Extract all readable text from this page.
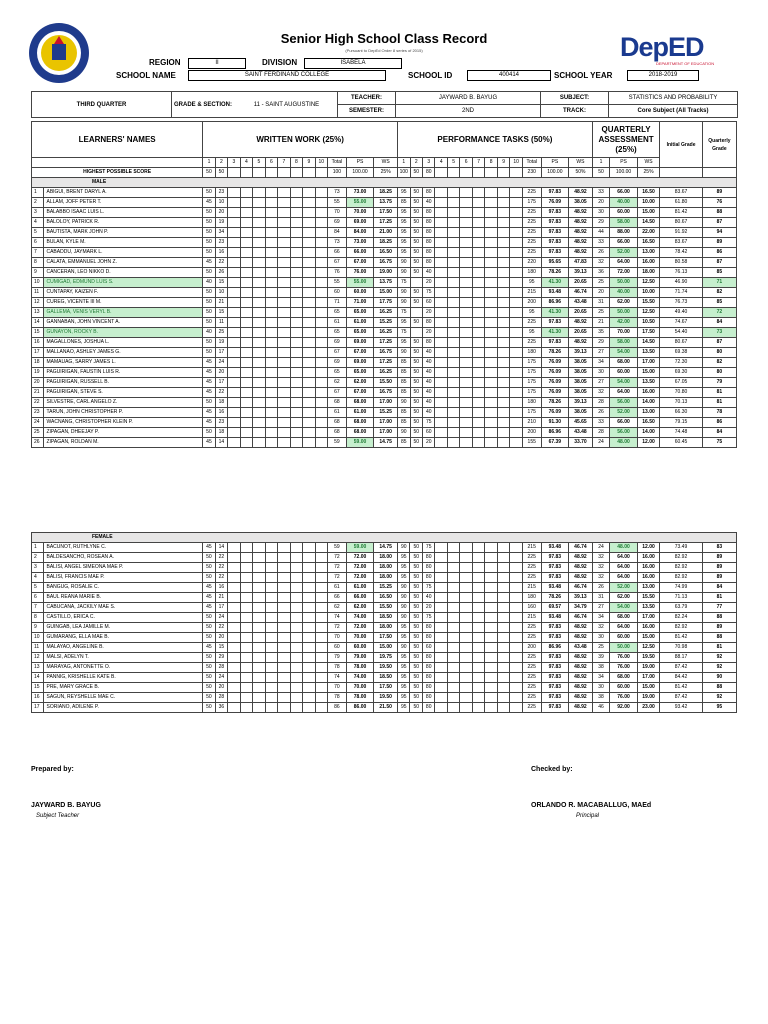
Senior High School Class Record
(Pursuant to DepEd Order 8 series of 2015)	DepED
DEPARTMENT OF EDUCATION
REGION	II	DIVISION	ISABELA
SCHOOL NAME	SAINT FERDINAND COLLEGE	SCHOOL ID	400414	SCHOOL YEAR	2018-2019
THIRD QUARTER	GRADE & SECTION: 11 - SAINT AUGUSTINE	TEACHER:	JAYWARD B. BAYUG	SUBJECT:	STATISTICS AND PROBABILITY
		SEMESTER:	2ND	TRACK:	Core Subject (All Tracks)
LEARNERS' NAMES		WRITTEN WORK (25%)													PERFORMANCE TASKS (50%)													QUARTERLY ASSESSMENT (25%)			Initial Grade	Quarterly Grade
		1	2	3	4	5	6	7	8	9	10	Total	PS	WS	1	2	3	4	5	6	7	8	9	10	Total	PS	WS	1	PS	WS		
HIGHEST POSSIBLE SCORE		50	50									100	100.00	25%	100	50	80								230	100.00	50%	50	100.00	25%		
MALE																																
1	ABIGUI, BRENT DARYL A.	50	23									73	73.00	18.25	95	50	80								225	97.83	48.92	33	66.00	16.50	83.67	89
2	ALLAM, JOFF PETER T.	45	10									55	55.00	13.75	85	50	40								175	76.09	38.05	20	40.00	10.00	61.80	76
3	BALABBO ISAAC LUIS L.	50	20									70	70.00	17.50	95	50	80								225	97.83	48.92	30	60.00	15.00	81.42	88
4	BALOLOY, PATRICK R.	50	19									69	69.00	17.25	95	50	80								225	97.83	48.92	29	58.00	14.50	80.67	87
5	BAUTISTA, MARK JOHN P.	50	34									84	84.00	21.00	95	50	80								225	97.83	48.92	44	88.00	22.00	91.92	94
6	BULAN, KYLE M.	50	23									73	73.00	18.25	95	50	80								225	97.83	48.92	33	66.00	16.50	83.67	89
7	CABADDU, JAYMARK L.	50	16									66	66.00	16.50	95	50	80								225	97.83	48.92	26	52.00	13.00	78.42	86
8	CALATA, EMMANUEL JOHN Z.	45	22									67	67.00	16.75	90	50	80								220	95.65	47.83	32	64.00	16.00	80.58	87
9	CANCERAN, LEO NIKKO D.	50	26									76	76.00	19.00	90	50	40								180	78.26	39.13	36	72.00	18.00	76.13	85
10	CUMIGAD, EDMUND LUIS S.	40	15									55	55.00	13.75	75		20								95	41.30	20.65	25	50.00	12.50	46.90	71
11	CUNTAPAY, KAIZEN F.	50	10									60	60.00	15.00	90	50	75								215	93.48	46.74	20	40.00	10.00	71.74	82
12	CUREG, VICENTE III M.	50	21									71	71.00	17.75	90	50	60								200	86.96	43.48	31	62.00	15.50	76.73	85
13	GALLEMA, VENIS VERYL B.	50	15									65	65.00	16.25	75		20								95	41.30	20.65	25	50.00	12.50	49.40	72
14	GANNABAN, JOHN VINCENT A.	50	11									61	61.00	15.25	95	50	80								225	97.83	48.92	21	42.00	10.50	74.67	84
15	GUNAYON, ROCKY B.	40	25									65	65.00	16.25	75		20								95	41.30	20.65	35	70.00	17.50	54.40	73
16	MAGALLONES, JOSHUA L.	50	19									69	69.00	17.25	95	50	80								225	97.83	48.92	29	58.00	14.50	80.67	87
17	MALLANAO, ASHLEY JAMES G.	50	17									67	67.00	16.75	90	50	40								180	78.26	39.13	27	54.00	13.50	69.38	80
18	MAMAUAG, SARRY JAMES L.	45	24									69	69.00	17.25	85	50	40								175	76.09	38.05	34	68.00	17.00	72.30	82
19	PAGUIRIGAN, FAUSTIN LUIS R.	45	20									65	65.00	16.25	85	50	40								175	76.09	38.05	30	60.00	15.00	69.30	80
20	PAGUIRIGAN, RUSSELL B.	45	17									62	62.00	15.50	85	50	40								175	76.09	38.05	27	54.00	13.50	67.05	79
21	PAGUIRIGAN, STEVE S.	45	22									67	67.00	16.75	85	50	40								175	76.09	38.05	32	64.00	16.00	70.80	81
22	SILVESTRE, CARL ANGELO Z.	50	18									68	68.00	17.00	90	50	40								180	78.26	39.13	28	56.00	14.00	70.13	81
23	TARUN, JOHN CHRISTOPHER P.	45	16									61	61.00	15.25	85	50	40								175	76.09	38.05	26	52.00	13.00	66.30	78
24	WACNANG, CHRISTOPHER KLEIN P.	45	23									68	68.00	17.00	85	50	75								210	91.30	45.65	33	66.00	16.50	79.15	86
25	ZIPAGAN, DHEEJAY P.	50	18									68	68.00	17.00	90	50	60								200	86.96	43.48	28	56.00	14.00	74.48	84
26	ZIPAGAN, ROLDAN M.	45	14									59	59.00	14.75	85	50	20								155	67.39	33.70	24	48.00	12.00	60.45	75
FEMALE																																
1	BACUNOT, RUTHLYNE C.	45	14									59	59.00	14.75	90	50	75								215	93.48	46.74	24	48.00	12.00	73.49	83
2	BALDESANCHO, ROSEAN A.	50	22									72	72.00	18.00	95	50	80								225	97.83	48.92	32	64.00	16.00	82.92	89
3	BALISI, ANGEL SIMEONA MAE P.	50	22									72	72.00	18.00	95	50	80								225	97.83	48.92	32	64.00	16.00	82.92	89
4	BALISI, FRANCIS MAE P.	50	22									72	72.00	18.00	95	50	80								225	97.83	48.92	32	64.00	16.00	82.92	89
5	BANGUG, ROSALIE C.	45	16									61	61.00	15.25	90	50	75								215	93.48	46.74	26	52.00	13.00	74.99	84
6	BAUL REANA MARIE B.	45	21									66	66.00	16.50	90	50	40								180	78.26	39.13	31	62.00	15.50	71.13	81
7	CABUCANA, JACKILY MAE S.	45	17									62	62.00	15.50	90	50	20								160	69.57	34.79	27	54.00	13.50	63.79	77
8	CASTILLO, ERICA C.	50	24									74	74.00	18.50	90	50	75								215	93.48	46.74	34	68.00	17.00	82.24	88
9	GUINGAB, LEA JAMILLE M.	50	22									72	72.00	18.00	95	50	80								225	97.83	48.92	32	64.00	16.00	82.92	89
10	GUMARANG, ELLA MAE B.	50	20									70	70.00	17.50	95	50	80								225	97.83	48.92	30	60.00	15.00	81.42	88
11	MALAYAO, ANGELINE B.	45	15									60	60.00	15.00	90	50	60								200	86.96	43.48	25	50.00	12.50	70.98	81
12	MALSI, ADELYN T.	50	29									79	79.00	19.75	95	50	80								225	97.83	48.92	39	76.00	19.50	88.17	92
13	MARAYAG, ANTONETTE O.	50	28									78	78.00	19.50	95	50	80								225	97.83	48.92	38	76.00	19.00	87.42	92
14	PANNIG, KRISHELLE KATE B.	50	24									74	74.00	18.50	95	50	80								225	97.83	48.92	34	68.00	17.00	84.42	90
15	PRE, MARY GRACE B.	50	20									70	70.00	17.50	95	50	80								225	97.83	48.92	30	60.00	15.00	81.42	88
16	SAGUN, REYSHELLE MAE C.	50	28									78	78.00	19.50	95	50	80								225	97.83	48.92	38	76.00	19.00	87.42	92
17	SORIANO, ADILENE P.	50	36									86	86.00	21.50	95	50	80								225	97.83	48.92	46	92.00	23.00	93.42	95
Prepared by:	Checked by:
JAYWARD B. BAYUG
Subject Teacher
ORLANDO R. MACABALLUG, MAEd
Principal
